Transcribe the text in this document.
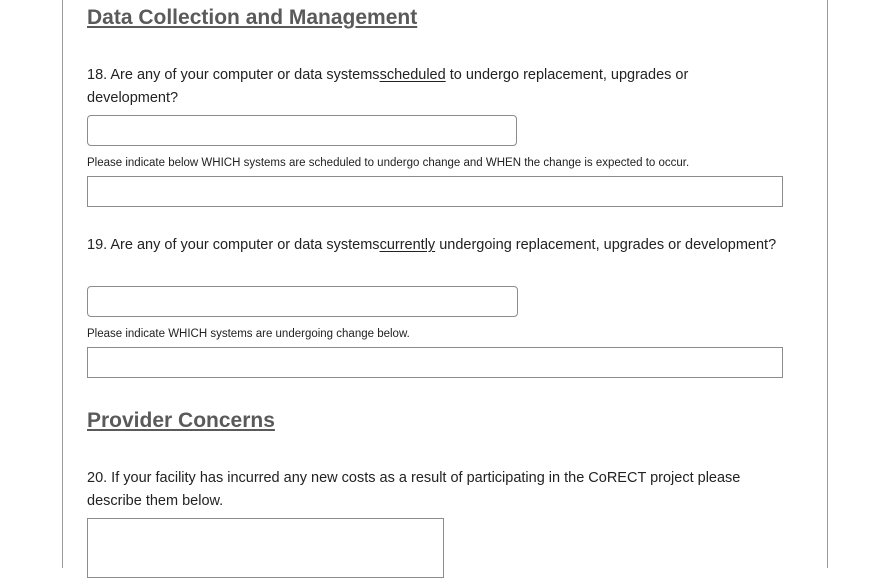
Data Collection and Management

18. Are any of your computer or data systemsscheduled to undergo replacement, upgrades or development?

Please indicate below WHICH systems are scheduled to undergo change and WHEN the change is expected to occur.

19. Are any of your computer or data systemscurrently undergoing replacement, upgrades or development?

Please indicate WHICH systems are undergoing change below.

Provider Concerns

20. If your facility has incurred any new costs as a result of participating in the CoRECT project please describe them below.
